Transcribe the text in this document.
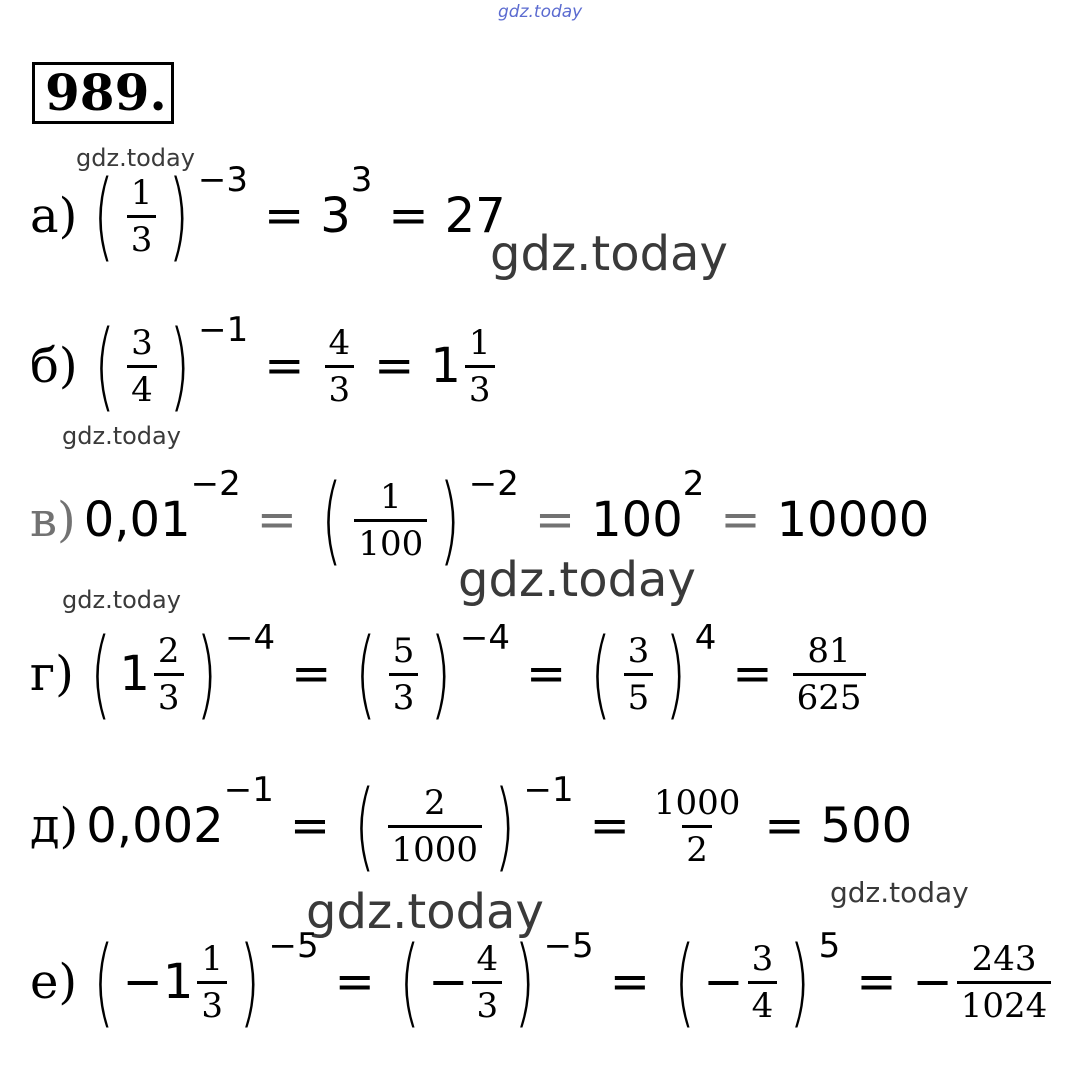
gdz.today
gdz.today
gdz.today
gdz.today
gdz.today
gdz.today
gdz.today
gdz.today
989.
а) ( $\frac{1}{3}$ ) −3
= 3
3
= 27
б) ( $\frac{3}{4}$ ) −1
= $\frac{4}{3} = 1 \frac{1}{3}$
в) 0,01
−2
= ( $\frac{1}{100}$ ) −2
= 100
2
= 10000
г) ( $1 \frac{2}{3}$ ) −4
= ( $\frac{5}{3}$ ) −4
= ( $\frac{3}{5}$ ) 4
= $\frac{81}{625}$
д) 0,002
−1
= ( $\frac{2}{1000}$ ) −1
= $\frac{1000}{2} = 500$
е) ( − $1 \frac{1}{3}$ ) −5
= ( − $\frac{4}{3}$ ) −5
= ( − $\frac{3}{4}$ ) 5
= − $\frac{243}{1024}$
